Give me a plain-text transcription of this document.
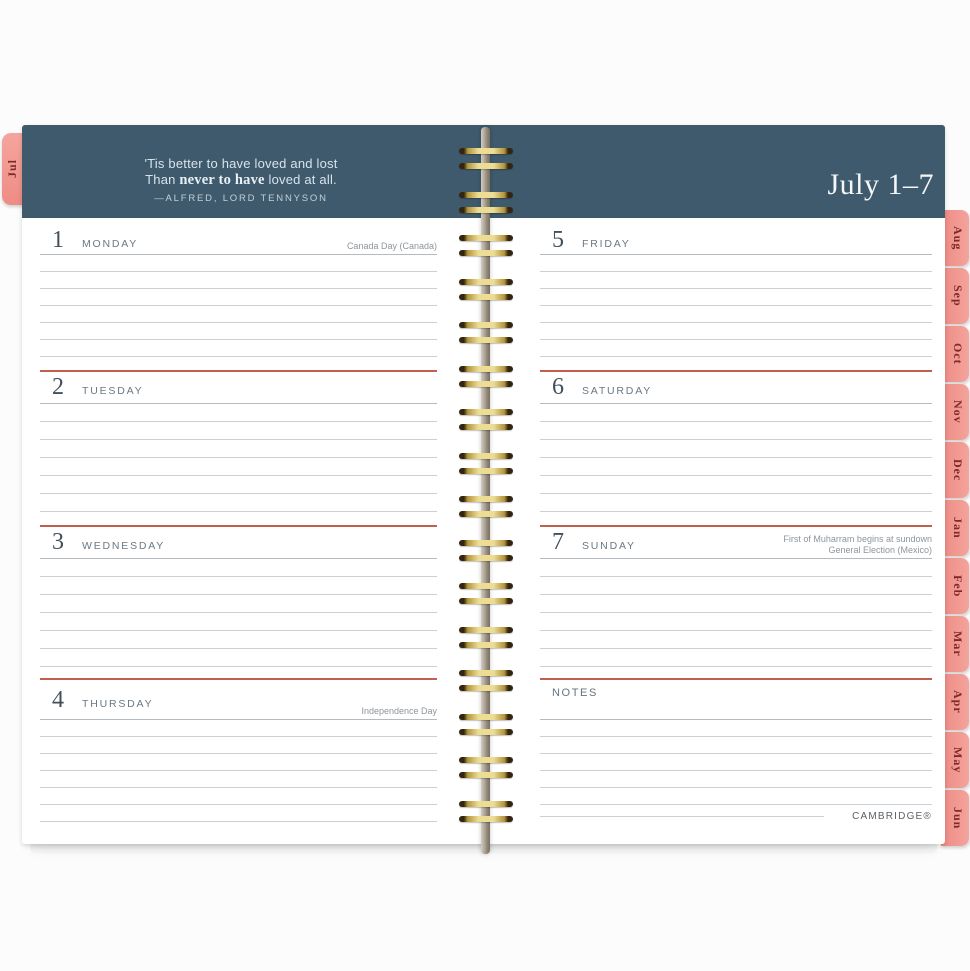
Jul
Aug
Sep
Oct
Nov
Dec
Jan
Feb
Mar
Apr
May
Jun
'Tis better to have loved and lost
Than never to have loved at all.
—ALFRED, LORD TENNYSON	July 1–7
1	MONDAY	Canada Day (Canada)
2	TUESDAY
3	WEDNESDAY
4	THURSDAY
Independence Day
5	FRIDAY
6	SATURDAY
7	SUNDAY
First of Muharram begins at sundown
General Election (Mexico)
NOTES
CAMBRIDGE®
